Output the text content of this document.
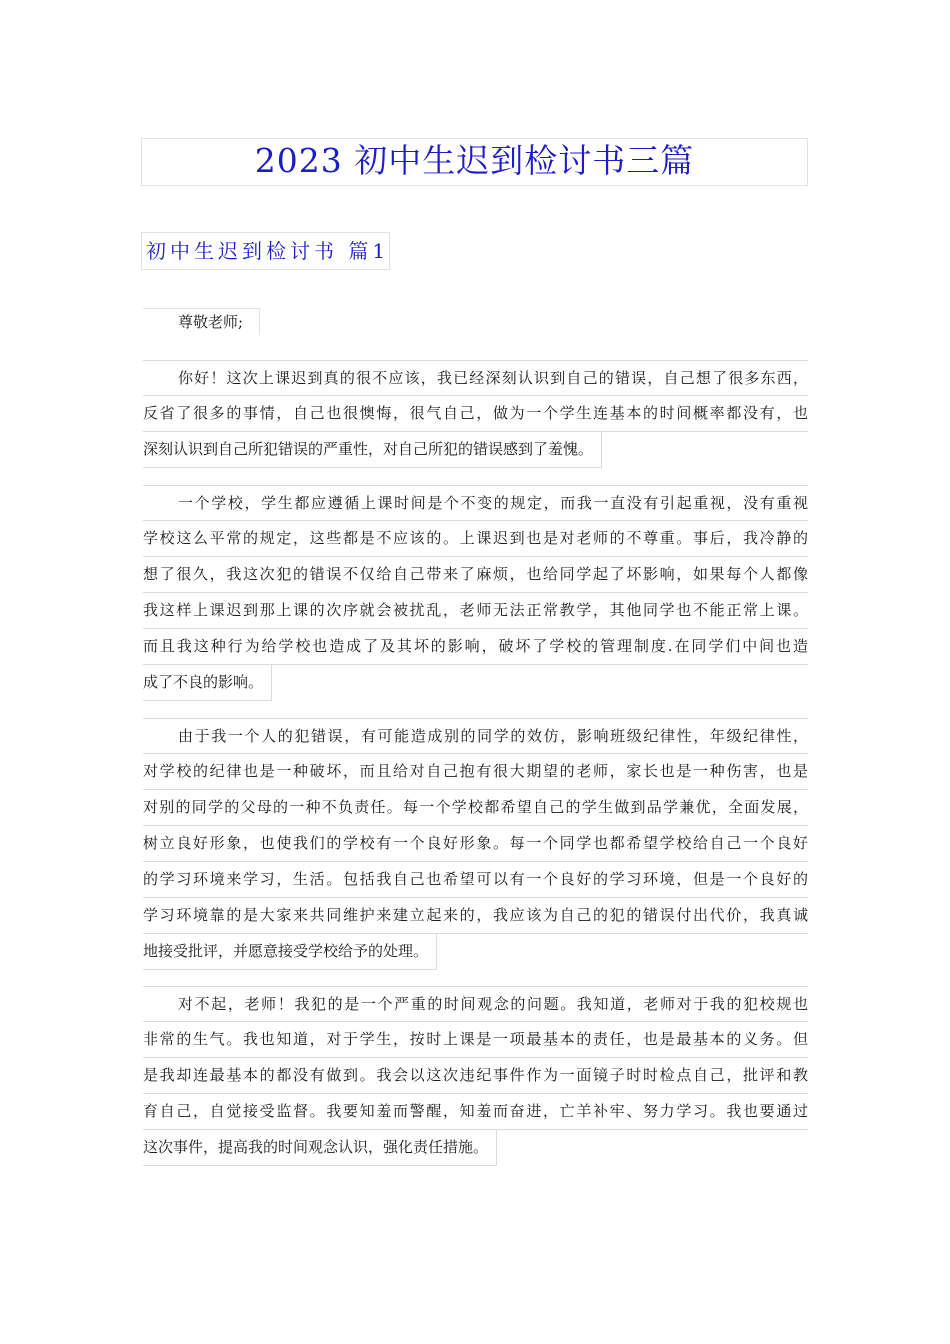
2023 初中生迟到检讨书三篇
初中生迟到检讨书 篇1
尊敬老师;
你好！这次上课迟到真的很不应该，我已经深刻认识到自己的错误，自己想了很多东西，
反省了很多的事情，自己也很懊悔，很气自己，做为一个学生连基本的时间概率都没有，也
深刻认识到自己所犯错误的严重性，对自己所犯的错误感到了羞愧。
一个学校，学生都应遵循上课时间是个不变的规定，而我一直没有引起重视，没有重视
学校这么平常的规定，这些都是不应该的。上课迟到也是对老师的不尊重。事后，我冷静的
想了很久，我这次犯的错误不仅给自己带来了麻烦，也给同学起了坏影响，如果每个人都像
我这样上课迟到那上课的次序就会被扰乱，老师无法正常教学，其他同学也不能正常上课。
而且我这种行为给学校也造成了及其坏的影响，破坏了学校的管理制度.在同学们中间也造
成了不良的影响。
由于我一个人的犯错误，有可能造成别的同学的效仿，影响班级纪律性，年级纪律性，
对学校的纪律也是一种破坏，而且给对自己抱有很大期望的老师，家长也是一种伤害，也是
对别的同学的父母的一种不负责任。每一个学校都希望自己的学生做到品学兼优，全面发展，
树立良好形象，也使我们的学校有一个良好形象。每一个同学也都希望学校给自己一个良好
的学习环境来学习，生活。包括我自己也希望可以有一个良好的学习环境，但是一个良好的
学习环境靠的是大家来共同维护来建立起来的，我应该为自己的犯的错误付出代价，我真诚
地接受批评，并愿意接受学校给予的处理。
对不起，老师！我犯的是一个严重的时间观念的问题。我知道，老师对于我的犯校规也
非常的生气。我也知道，对于学生，按时上课是一项最基本的责任，也是最基本的义务。但
是我却连最基本的都没有做到。我会以这次违纪事件作为一面镜子时时检点自己，批评和教
育自己，自觉接受监督。我要知羞而警醒，知羞而奋进，亡羊补牢、努力学习。我也要通过
这次事件，提高我的时间观念认识，强化责任措施。
